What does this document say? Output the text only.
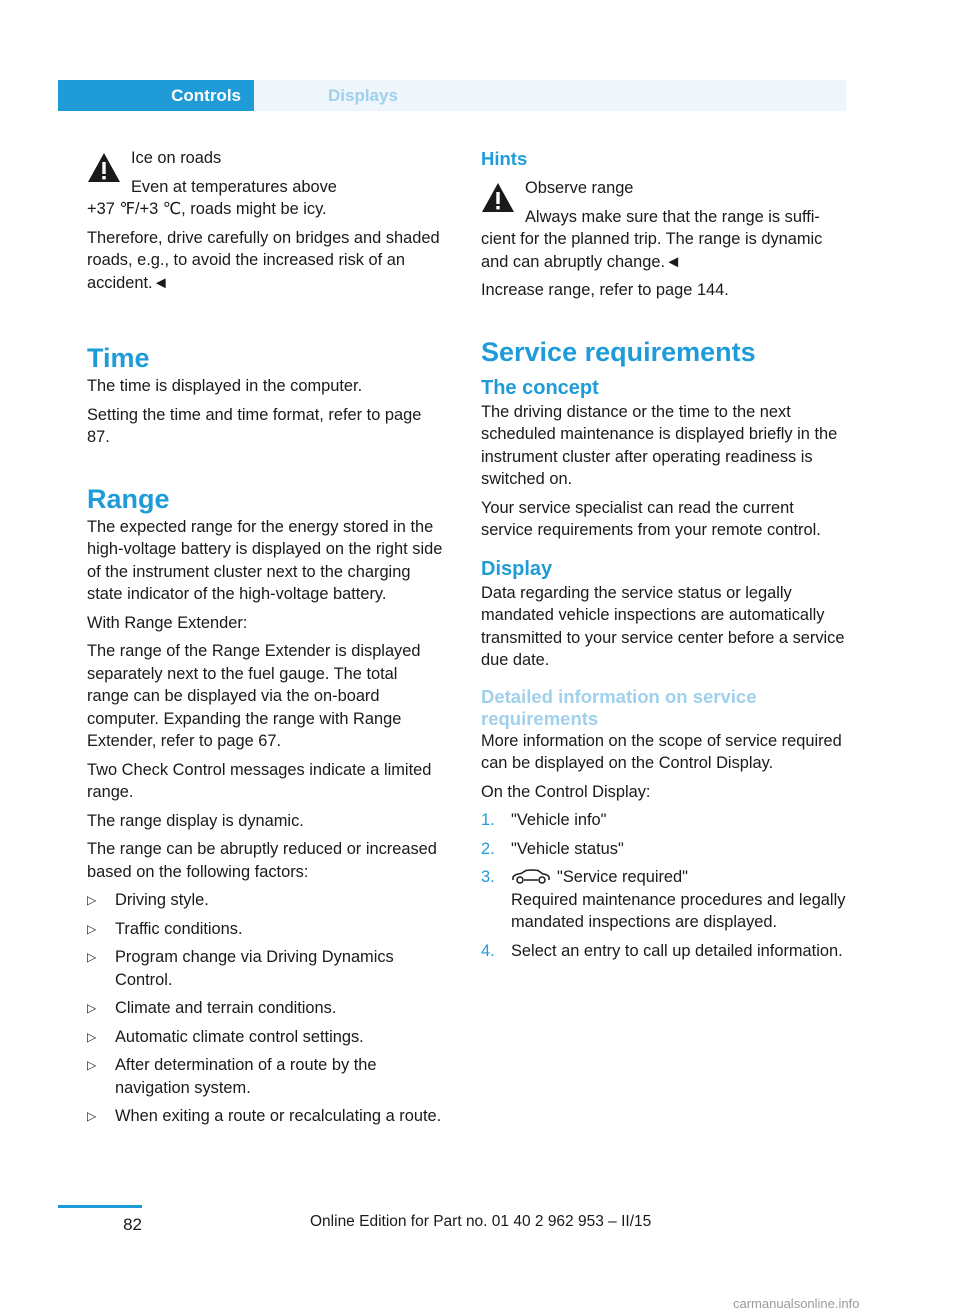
Controls	Displays

Ice on roads

Even at temperatures above

+37 ℉/+3 ℃, roads might be icy.

Therefore, drive carefully on bridges and shaded roads, e.g., to avoid the increased risk of an accident.◄

Time

The time is displayed in the computer.

Setting the time and time format, refer to page 87.

Range

The expected range for the energy stored in the high-voltage battery is displayed on the right side of the instrument cluster next to the charging state indicator of the high-voltage battery.

With Range Extender:

The range of the Range Extender is displayed separately next to the fuel gauge. The total range can be displayed via the on-board computer. Expanding the range with Range Extender, refer to page 67.

Two Check Control messages indicate a limited range.

The range display is dynamic.

The range can be abruptly reduced or increased based on the following factors:

▷ Driving style.
▷ Traffic conditions.
▷ Program change via Driving Dynamics Control.
▷ Climate and terrain conditions.
▷ Automatic climate control settings.
▷ After determination of a route by the navigation system.
▷ When exiting a route or recalculating a route.
Hints

Observe range

Always make sure that the range is suffi-

cient for the planned trip. The range is dynamic and can abruptly change.◄

Increase range, refer to page 144.

Service requirements
The concept

The driving distance or the time to the next scheduled maintenance is displayed briefly in the instrument cluster after operating readiness is switched on.

Your service specialist can read the current service requirements from your remote control.

Display

Data regarding the service status or legally mandated vehicle inspections are automatically transmitted to your service center before a service due date.

Detailed information on service requirements

More information on the scope of service required can be displayed on the Control Display.

On the Control Display:

1. "Vehicle info"
2. "Vehicle status"
3.	"Service required"
Required maintenance procedures and legally mandated inspections are displayed.
4. Select an entry to call up detailed information.
82	Online Edition for Part no. 01 40 2 962 953 – II/15
carmanualsonline.info
